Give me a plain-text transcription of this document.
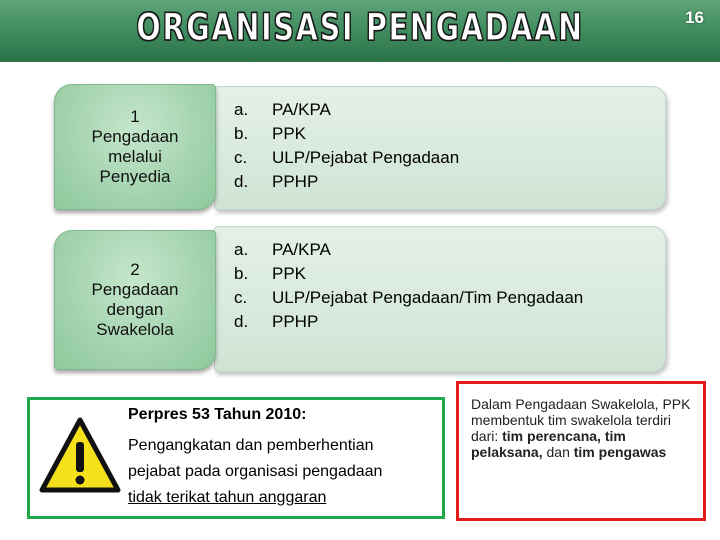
ORGANISASI PENGADAAN	16
1
Pengadaan
melalui
Penyedia
a.	PA/KPA
b.	PPK
c.	ULP/Pejabat Pengadaan
d.	PPHP
2
Pengadaan
dengan
Swakelola
a.	PA/KPA
b.	PPK
c.	ULP/Pejabat Pengadaan/Tim Pengadaan
d.	PPHP
Perpres 53 Tahun 2010:
Pengangkatan dan pemberhentian
pejabat pada organisasi pengadaan
tidak terikat tahun anggaran
Dalam Pengadaan Swakelola, PPK membentuk tim swakelola terdiri dari: tim perencana, tim pelaksana, dan tim pengawas
